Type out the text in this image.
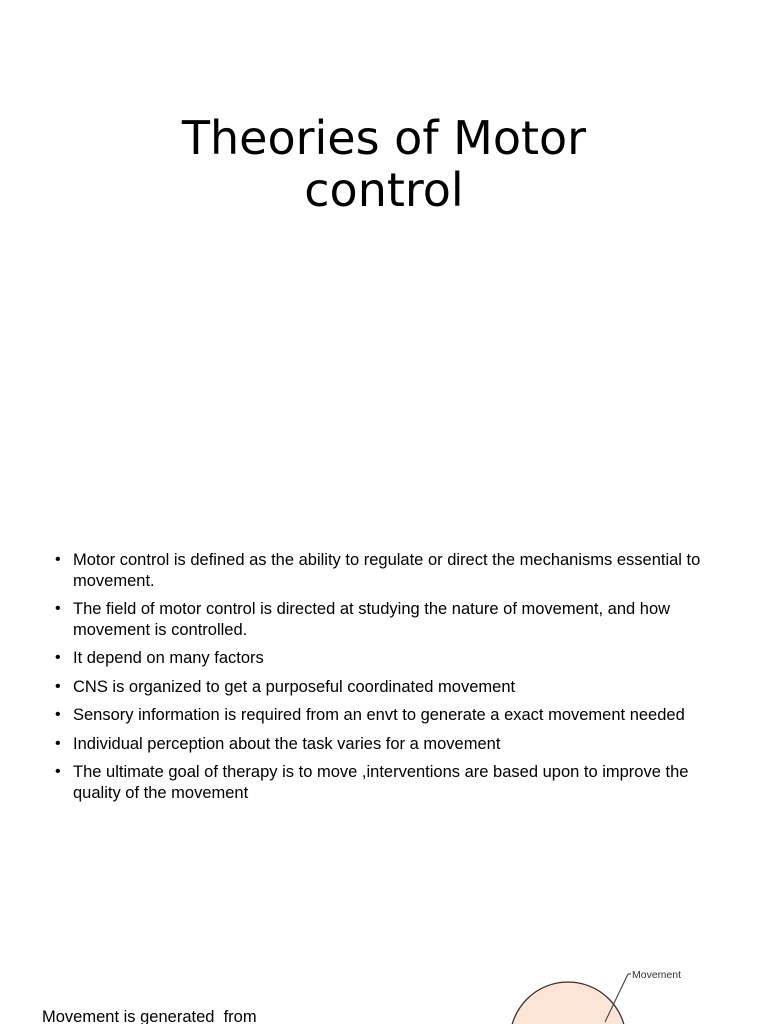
Theories of Motor
control
• Motor control is defined as the ability to regulate or direct the mechanisms essential to movement.
• The field of motor control is directed at studying the nature of movement, and how movement is controlled.
• It depend on many factors
• CNS is organized to get a purposeful coordinated movement
• Sensory information is required from an envt to generate a exact movement needed
• Individual perception about the task varies for a movement
• The ultimate goal of therapy is to move ,interventions are based upon to improve the quality of the movement
Movement is generated  from
Movement
